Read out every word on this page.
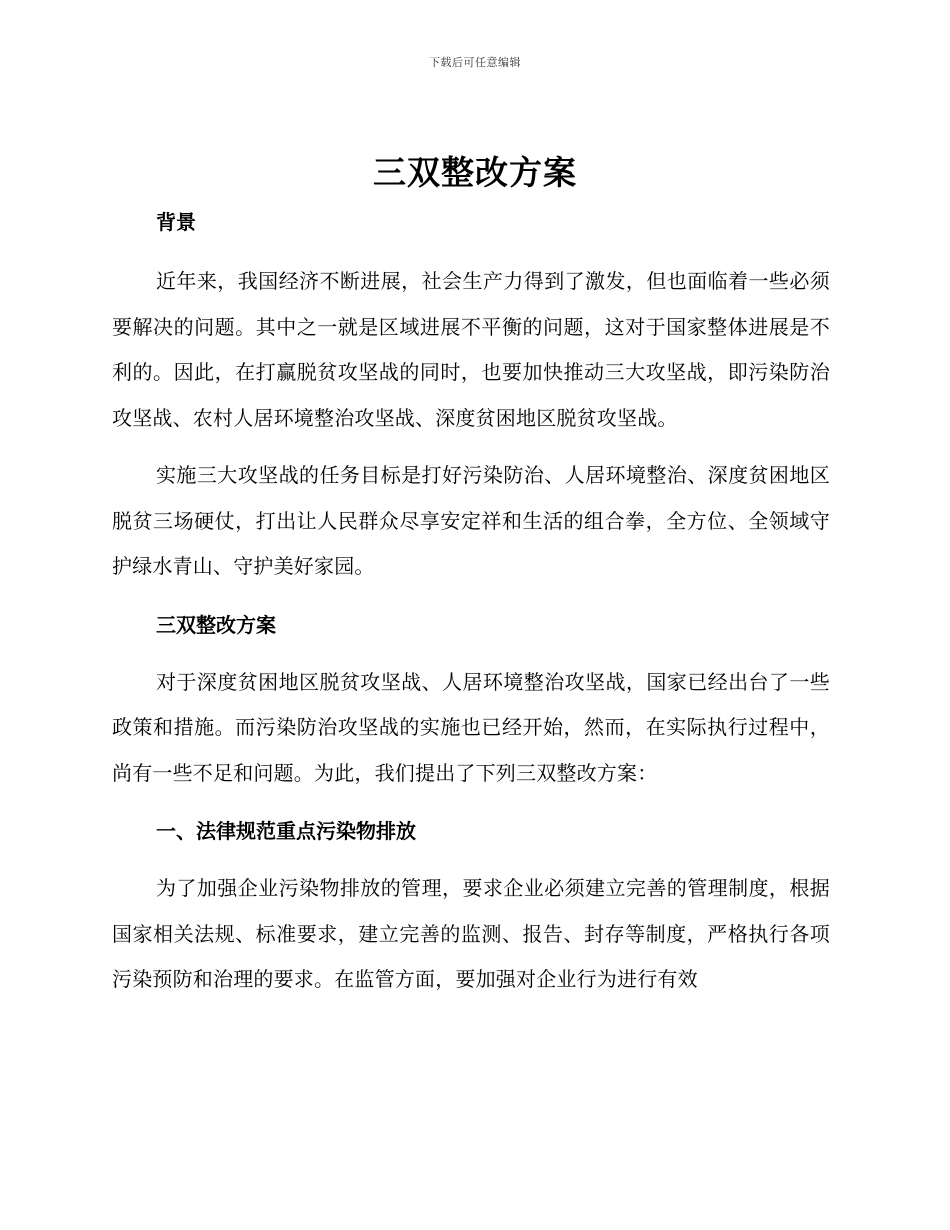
下载后可任意编辑
三双整改方案
背景

近年来，我国经济不断进展，社会生产力得到了激发，但也面临着一些必须要解决的问题。其中之一就是区域进展不平衡的问题，这对于国家整体进展是不利的。因此，在打赢脱贫攻坚战的同时，也要加快推动三大攻坚战，即污染防治攻坚战、农村人居环境整治攻坚战、深度贫困地区脱贫攻坚战。

实施三大攻坚战的任务目标是打好污染防治、人居环境整治、深度贫困地区脱贫三场硬仗，打出让人民群众尽享安定祥和生活的组合拳，全方位、全领域守护绿水青山、守护美好家园。

三双整改方案

对于深度贫困地区脱贫攻坚战、人居环境整治攻坚战，国家已经出台了一些政策和措施。而污染防治攻坚战的实施也已经开始，然而，在实际执行过程中，尚有一些不足和问题。为此，我们提出了下列三双整改方案：

一、法律规范重点污染物排放

为了加强企业污染物排放的管理，要求企业必须建立完善的管理制度，根据国家相关法规、标准要求，建立完善的监测、报告、封存等制度，严格执行各项污染预防和治理的要求。在监管方面，要加强对企业行为进行有效
